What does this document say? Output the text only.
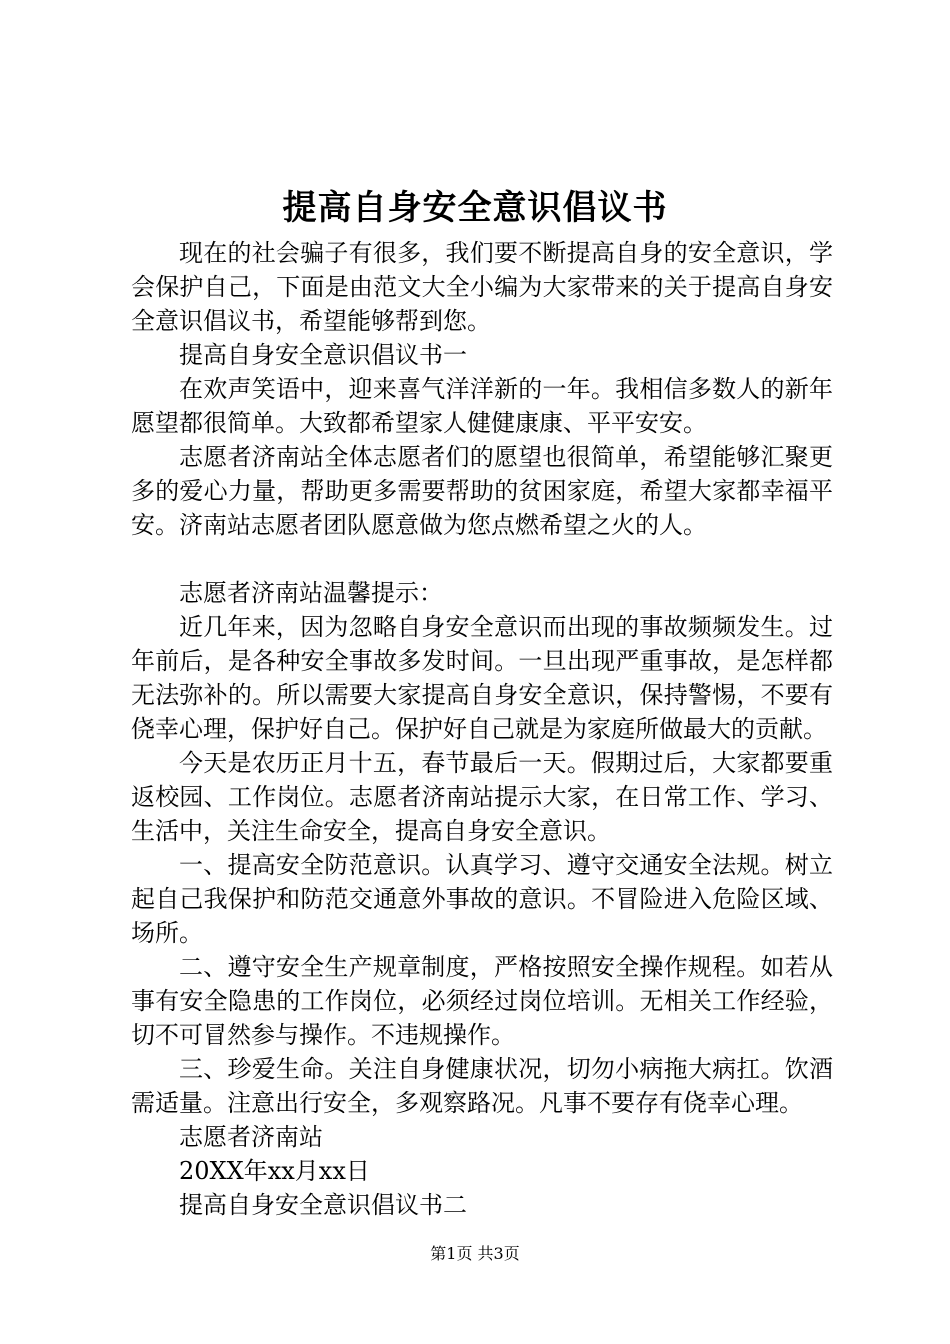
提高自身安全意识倡议书

现在的社会骗子有很多，我们要不断提高自身的安全意识，学会保护自己，下面是由范文大全小编为大家带来的关于提高自身安全意识倡议书，希望能够帮到您。

提高自身安全意识倡议书一

在欢声笑语中，迎来喜气洋洋新的一年。我相信多数人的新年愿望都很简单。大致都希望家人健健康康、平平安安。

志愿者济南站全体志愿者们的愿望也很简单，希望能够汇聚更多的爱心力量，帮助更多需要帮助的贫困家庭，希望大家都幸福平安。济南站志愿者团队愿意做为您点燃希望之火的人。

志愿者济南站温馨提示：

近几年来，因为忽略自身安全意识而出现的事故频频发生。过年前后，是各种安全事故多发时间。一旦出现严重事故，是怎样都无法弥补的。所以需要大家提高自身安全意识，保持警惕，不要有侥幸心理，保护好自己。保护好自己就是为家庭所做最大的贡献。

今天是农历正月十五，春节最后一天。假期过后，大家都要重返校园、工作岗位。志愿者济南站提示大家，在日常工作、学习、生活中，关注生命安全，提高自身安全意识。

一、提高安全防范意识。认真学习、遵守交通安全法规。树立起自己我保护和防范交通意外事故的意识。不冒险进入危险区域、场所。

二、遵守安全生产规章制度，严格按照安全操作规程。如若从事有安全隐患的工作岗位，必须经过岗位培训。无相关工作经验，切不可冒然参与操作。不违规操作。

三、珍爱生命。关注自身健康状况，切勿小病拖大病扛。饮酒需适量。注意出行安全，多观察路况。凡事不要存有侥幸心理。

志愿者济南站

20XX年xx月xx日

提高自身安全意识倡议书二

第1页 共3页
